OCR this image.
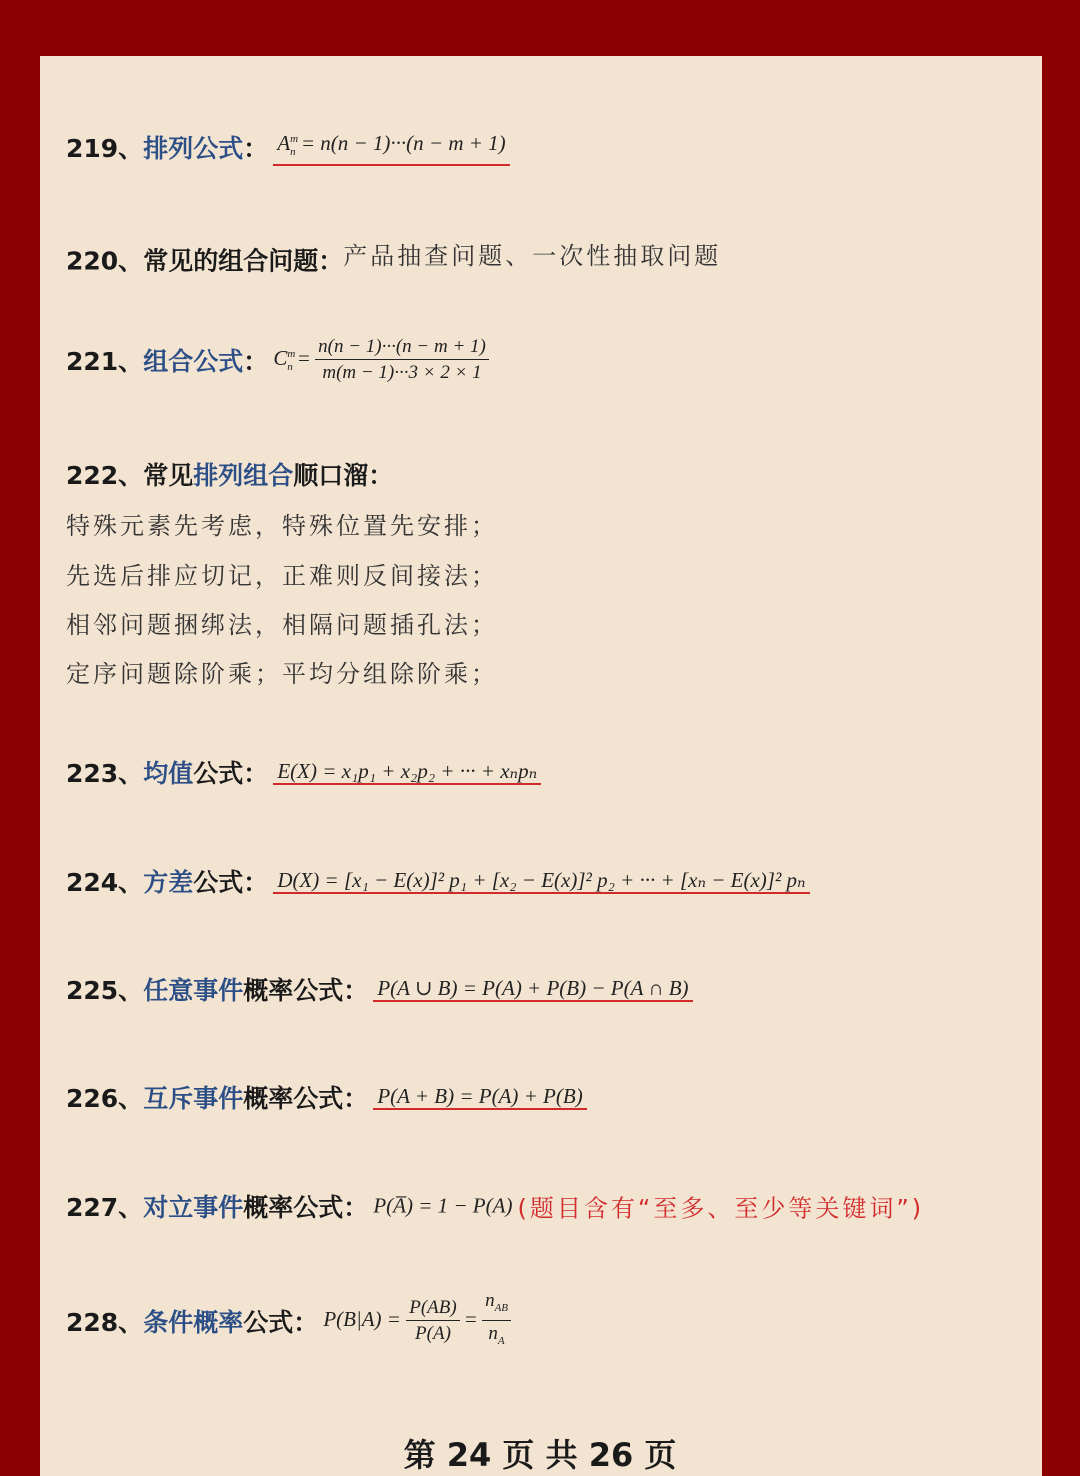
219、排列公式： $A^m_n = n(n - 1)\cdot\cdot\cdot(n - m + 1)$
220、常见的组合问题：产品抽查问题、一次性抽取问题
221、组合公式： $C^m_n = \frac{n(n - 1)\cdot\cdot\cdot(n - m + 1)}{m(m - 1)\cdot\cdot\cdot 3 \times 2 \times 1}$
222、常见排列组合顺口溜：
特殊元素先考虑，特殊位置先安排；
先选后排应切记，正难则反间接法；
相邻问题捆绑法，相隔问题插孔法；
定序问题除阶乘；平均分组除阶乘；
223、均值公式： E(X) = x₁p₁ + x₂p₂ + ··· + xₙpₙ
224、方差公式： D(X) = [x₁ − E(x)]² p₁ + [x₂ − E(x)]² p₂ + ··· + [xₙ − E(x)]² pₙ
225、任意事件概率公式： P(A ∪ B) = P(A) + P(B) − P(A ∩ B)
226、互斥事件概率公式： P(A + B) = P(A) + P(B)
227、对立事件概率公式： P(A̅) = 1 − P(A) (题目含有“至多、至少等关键词”)
228、条件概率公式： $P(B|A) = \frac{P(AB)}{P(A)} = \frac{n_{AB}}{n_A}$
第 24 页 共 26 页
